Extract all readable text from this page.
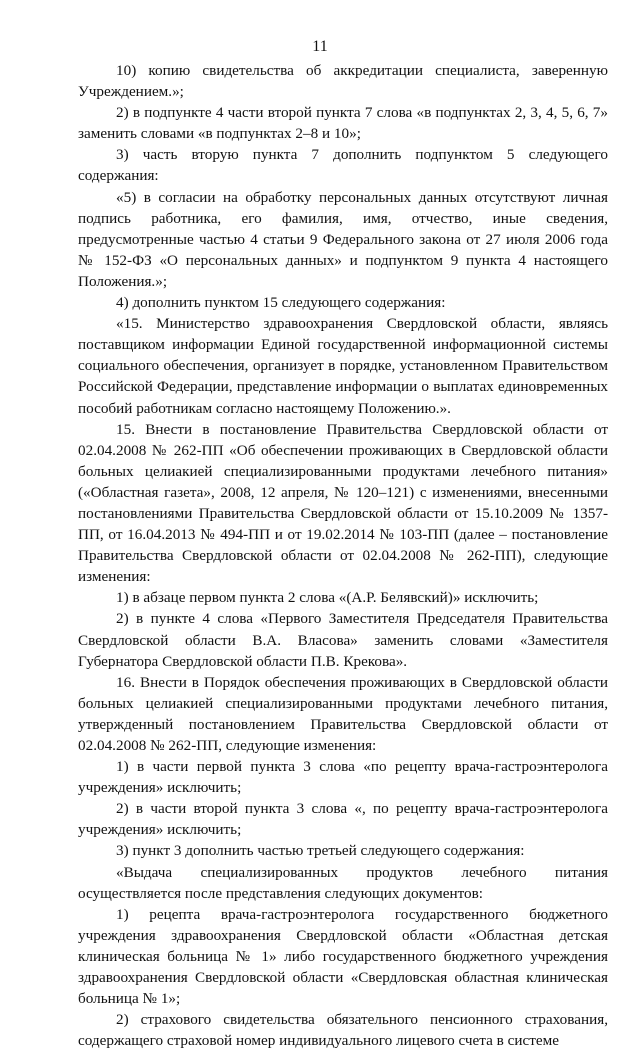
11

10) копию свидетельства об аккредитации специалиста, заверенную Учреждением.»;

2) в подпункте 4 части второй пункта 7 слова «в подпунктах 2, 3, 4, 5, 6, 7» заменить словами «в подпунктах 2–8 и 10»;

3) часть вторую пункта 7 дополнить подпунктом 5 следующего содержания:

«5) в согласии на обработку персональных данных отсутствуют личная подпись работника, его фамилия, имя, отчество, иные сведения, предусмотренные частью 4 статьи 9 Федерального закона от 27 июля 2006 года № 152-ФЗ «О персональных данных» и подпунктом 9 пункта 4 настоящего Положения.»;

4) дополнить пунктом 15 следующего содержания:

«15. Министерство здравоохранения Свердловской области, являясь поставщиком информации Единой государственной информационной системы социального обеспечения, организует в порядке, установленном Правительством Российской Федерации, представление информации о выплатах единовременных пособий работникам согласно настоящему Положению.».

15. Внести в постановление Правительства Свердловской области от 02.04.2008 № 262-ПП «Об обеспечении проживающих в Свердловской области больных целиакией специализированными продуктами лечебного питания» («Областная газета», 2008, 12 апреля, № 120–121) с изменениями, внесенными постановлениями Правительства Свердловской области от 15.10.2009 № 1357-ПП, от 16.04.2013 № 494-ПП и от 19.02.2014 № 103-ПП (далее – постановление Правительства Свердловской области от 02.04.2008 № 262-ПП), следующие изменения:

1) в абзаце первом пункта 2 слова «(А.Р. Белявский)» исключить;

2) в пункте 4 слова «Первого Заместителя Председателя Правительства Свердловской области В.А. Власова» заменить словами «Заместителя Губернатора Свердловской области П.В. Крекова».

16. Внести в Порядок обеспечения проживающих в Свердловской области больных целиакией специализированными продуктами лечебного питания, утвержденный постановлением Правительства Свердловской области от 02.04.2008 № 262-ПП, следующие изменения:

1) в части первой пункта 3 слова «по рецепту врача-гастроэнтеролога учреждения» исключить;

2) в части второй пункта 3 слова «, по рецепту врача-гастроэнтеролога учреждения» исключить;

3) пункт 3 дополнить частью третьей следующего содержания:

«Выдача специализированных продуктов лечебного питания осуществляется после представления следующих документов:

1) рецепта врача-гастроэнтеролога государственного бюджетного учреждения здравоохранения Свердловской области «Областная детская клиническая больница № 1» либо государственного бюджетного учреждения здравоохранения Свердловской области «Свердловская областная клиническая больница № 1»;

2) страхового свидетельства обязательного пенсионного страхования, содержащего страховой номер индивидуального лицевого счета в системе
